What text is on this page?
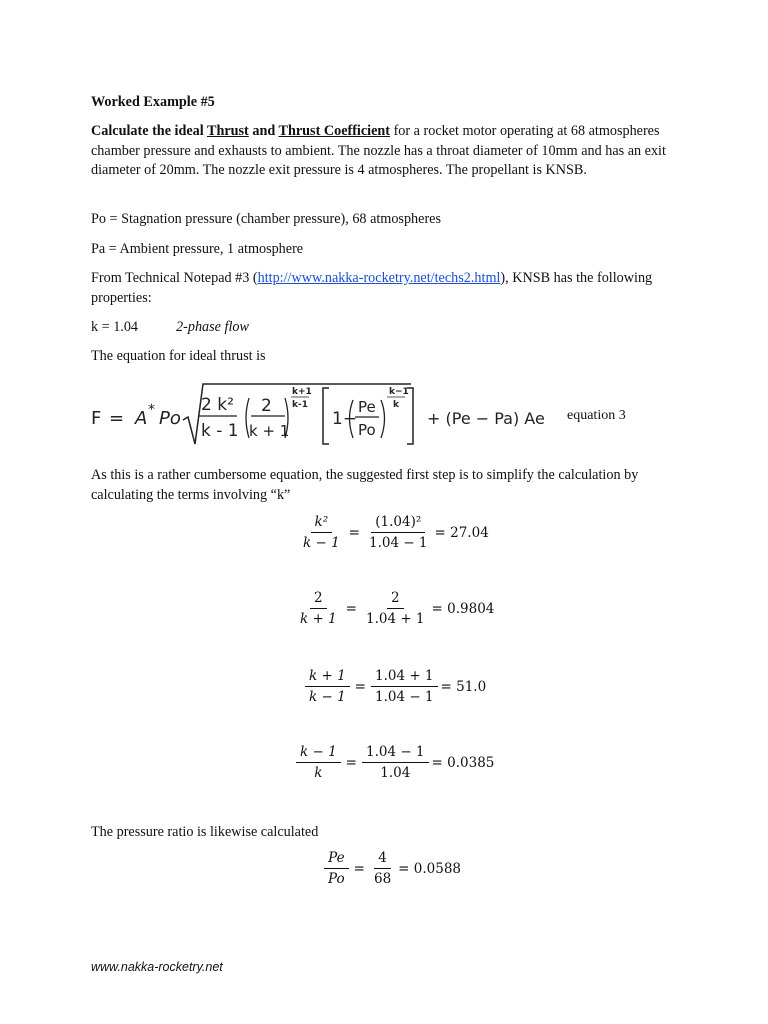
Worked Example #5

Calculate the ideal Thrust and Thrust Coefficient for a rocket motor operating at 68 atmospheres chamber pressure and exhausts to ambient. The nozzle has a throat diameter of 10mm and has an exit diameter of 20mm. The nozzle exit pressure is 4 atmospheres. The propellant is KNSB.

Po = Stagnation pressure (chamber pressure), 68 atmospheres

Pa = Ambient pressure, 1 atmosphere

From Technical Notepad #3 (http://www.nakka-rocketry.net/techs2.html), KNSB has the following properties:

k = 1.04	2-phase flow

The equation for ideal thrust is

F = A * Po
2 k²
k - 1
2
k + 1
k+1
k-1
1−
Pe
Po
k−1
k
+ (Pe − Pa) Ae equation 3

As this is a rather cumbersome equation, the suggested first step is to simplify the calculation by calculating the terms involving “k”

$\frac{\text{k²}}{k - 1} = \frac{\text{(1.04)²}}{1.04 - 1} = 27.04$
$\frac{2}{k + 1} = \frac{2}{1.04 + 1} = 0.9804$
$\frac{k + 1}{k - 1} = \frac{1.04 + 1}{1.04 - 1} = 51.0$
$\frac{k - 1}{k} = \frac{1.04 - 1}{1.04} = 0.0385$

The pressure ratio is likewise calculated

$\frac{Pe}{Po} = \frac{4}{68} = 0.0588$
www.nakka-rocketry.net
